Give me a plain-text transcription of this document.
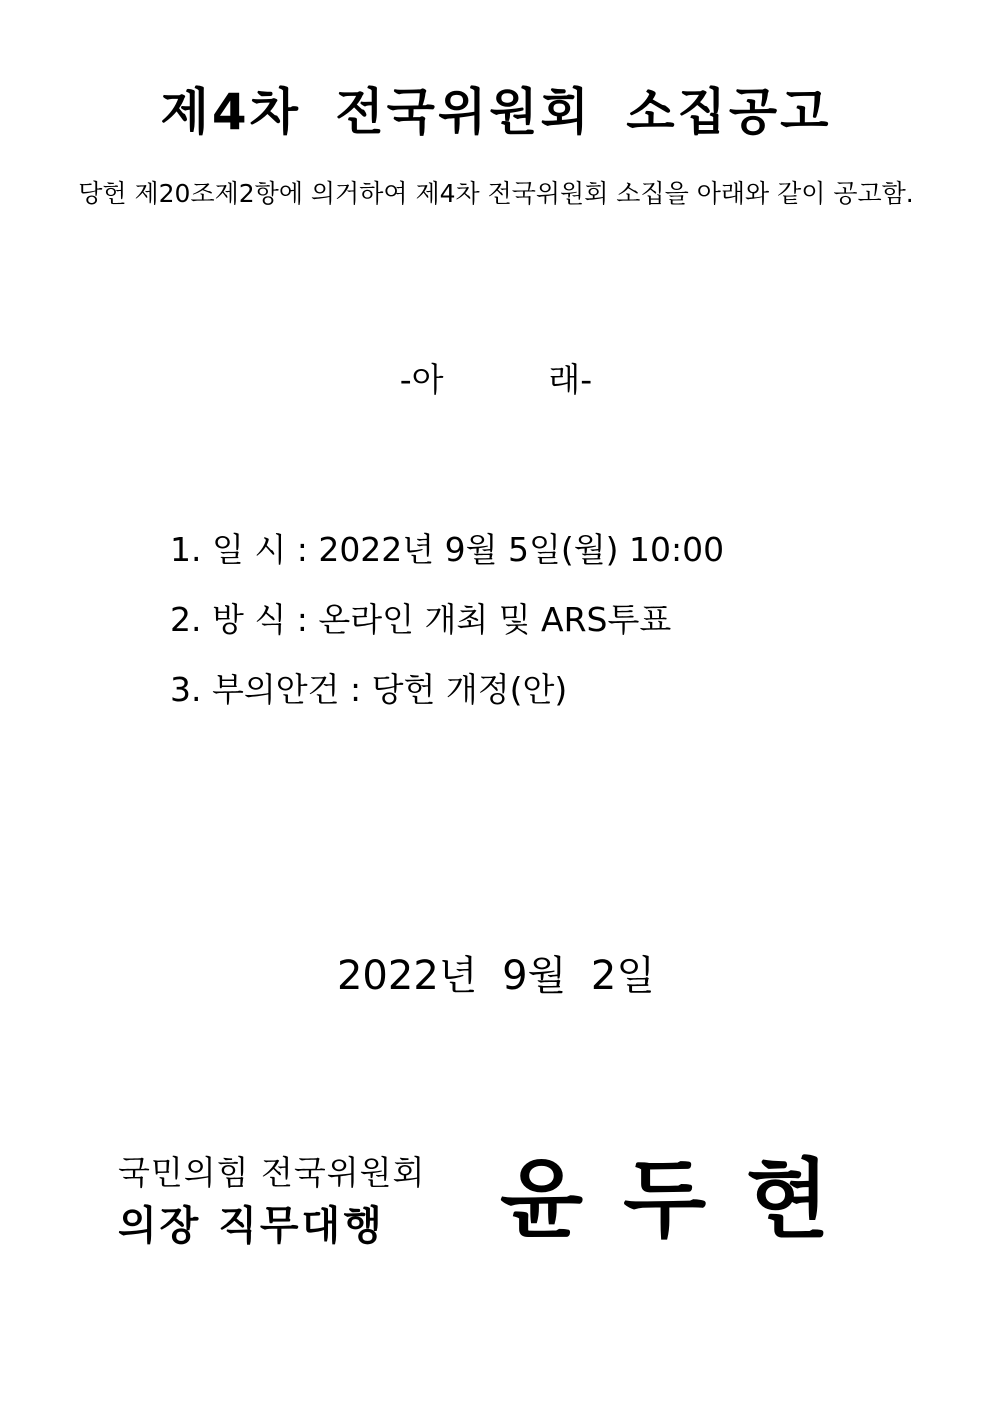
제4차 전국위원회 소집공고
당헌 제20조제2항에 의거하여 제4차 전국위원회 소집을 아래와 같이 공고함.
-아          래-
1. 일 시 : 2022년 9월 5일(월) 10:00
2. 방 식 : 온라인 개최 및 ARS투표
3. 부의안건 : 당헌 개정(안)
2022년 9월 2일
국민의힘 전국위원회
의장 직무대행	윤두현
